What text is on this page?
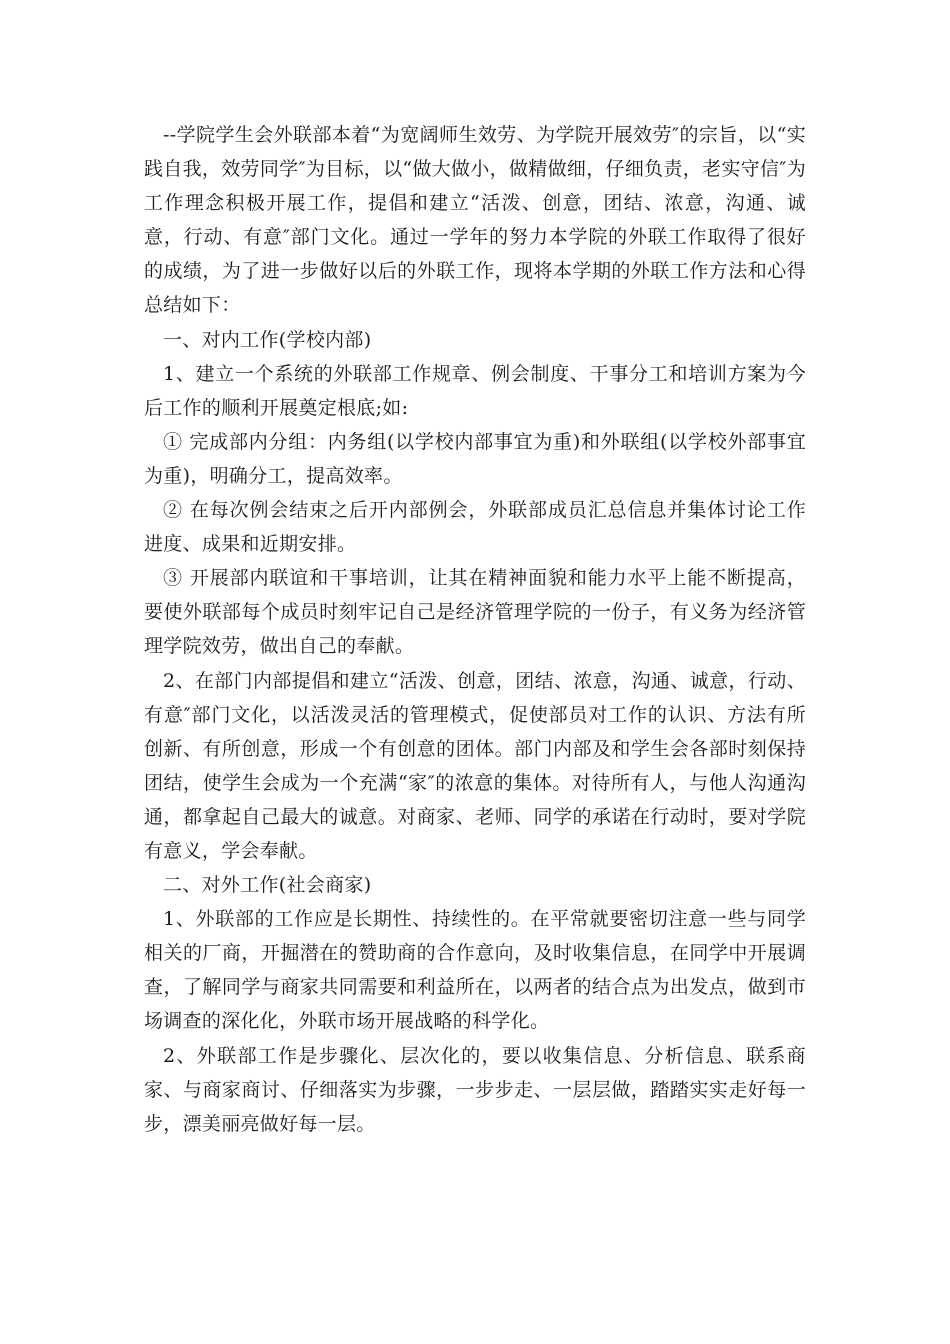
--学院学生会外联部本着“为宽阔师生效劳、为学院开展效劳″的宗旨，以“实践自我，效劳同学″为目标，以“做大做小，做精做细，仔细负责，老实守信″为工作理念积极开展工作，提倡和建立“活泼、创意，团结、浓意，沟通、诚意，行动、有意″部门文化。通过一学年的努力本学院的外联工作取得了很好的成绩，为了进一步做好以后的外联工作，现将本学期的外联工作方法和心得总结如下：

一、对内工作(学校内部)

1、建立一个系统的外联部工作规章、例会制度、干事分工和培训方案为今后工作的顺利开展奠定根底;如:

① 完成部内分组：内务组(以学校内部事宜为重)和外联组(以学校外部事宜为重)，明确分工，提高效率。

② 在每次例会结束之后开内部例会，外联部成员汇总信息并集体讨论工作进度、成果和近期安排。

③ 开展部内联谊和干事培训，让其在精神面貌和能力水平上能不断提高，要使外联部每个成员时刻牢记自己是经济管理学院的一份子，有义务为经济管理学院效劳，做出自己的奉献。

2、在部门内部提倡和建立“活泼、创意，团结、浓意，沟通、诚意，行动、有意″部门文化，以活泼灵活的管理模式，促使部员对工作的认识、方法有所创新、有所创意，形成一个有创意的团体。部门内部及和学生会各部时刻保持团结，使学生会成为一个充满“家″的浓意的集体。对待所有人，与他人沟通沟通，都拿起自己最大的诚意。对商家、老师、同学的承诺在行动时，要对学院有意义，学会奉献。

二、对外工作(社会商家)

1、外联部的工作应是长期性、持续性的。在平常就要密切注意一些与同学相关的厂商，开掘潜在的赞助商的合作意向，及时收集信息，在同学中开展调查，了解同学与商家共同需要和利益所在，以两者的结合点为出发点，做到市场调查的深化化，外联市场开展战略的科学化。

2、外联部工作是步骤化、层次化的，要以收集信息、分析信息、联系商家、与商家商讨、仔细落实为步骤，一步步走、一层层做，踏踏实实走好每一步，漂美丽亮做好每一层。
